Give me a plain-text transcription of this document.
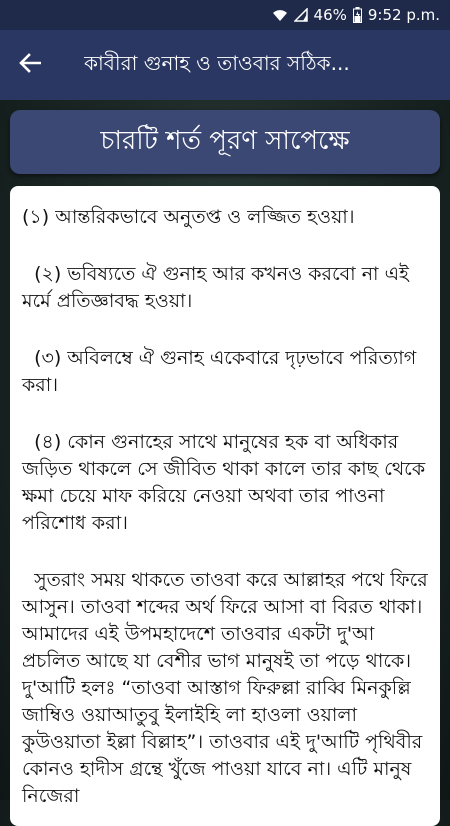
46% 9:52 p.m.
কাবীরা গুনাহ ও তাওবার সঠিক...
চারটি শর্ত পূরণ সাপেক্ষে

(১) আন্তরিকভাবে অনুতপ্ত ও লজ্জিত হওয়া।

(২) ভবিষ্যতে ঐ গুনাহ আর কখনও করবো না এই মর্মে প্রতিজ্ঞাবদ্ধ হওয়া।

(৩) অবিলম্বে ঐ গুনাহ একেবারে দৃঢ়ভাবে পরিত্যাগ করা।

(৪) কোন গুনাহের সাথে মানুষের হক বা অধিকার জড়িত থাকলে সে জীবিত থাকা কালে তার কাছ থেকে ক্ষমা চেয়ে মাফ করিয়ে নেওয়া অথবা তার পাওনা পরিশোধ করা।

সুতরাং সময় থাকতে তাওবা করে আল্লাহর পথে ফিরে আসুন। তাওবা শব্দের অর্থ ফিরে আসা বা বিরত থাকা। আমাদের এই উপমহাদেশে তাওবার একটা দু'আ প্রচলিত আছে যা বেশীর ভাগ মানুষই তা পড়ে থাকে। দু'আটি হলঃ “তাওবা আস্তাগ ফিরুল্লা রাব্বি মিনকুল্লি জাম্বিও ওয়াআতুবু ইলাইহি লা হাওলা ওয়ালা কুউওয়াতা ইল্লা বিল্লাহ”। তাওবার এই দু'আটি পৃথিবীর কোনও হাদীস গ্রন্থে খুঁজে পাওয়া যাবে না। এটি মানুষ নিজেরা
